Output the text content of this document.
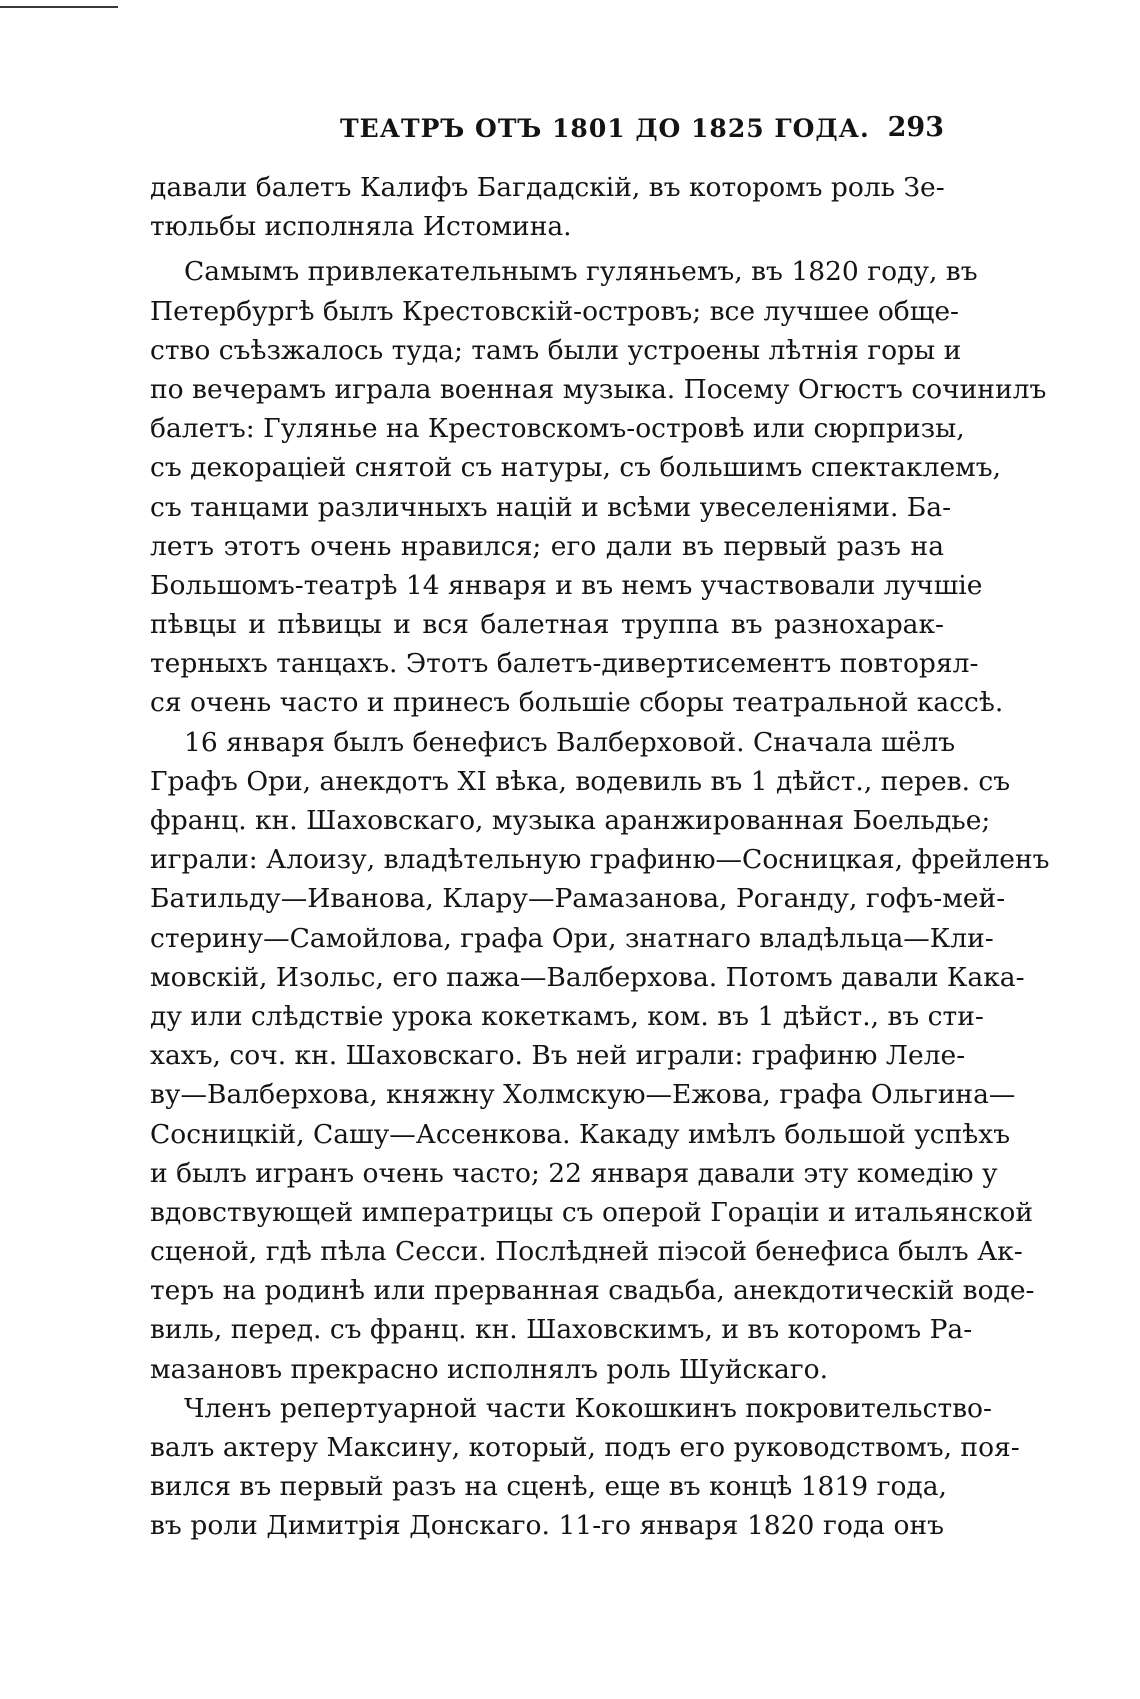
ТЕАТРЪ ОТЪ 1801 ДО 1825 ГОДА. 293
давали балетъ Калифъ Багдадскій, въ которомъ роль Зе-
тюльбы исполняла Истомина.
Самымъ привлекательнымъ гуляньемъ, въ 1820 году, въ
Петербургѣ былъ Крестовскій-островъ; все лучшее обще-
ство съѣзжалось туда; тамъ были устроены лѣтнія горы и
по вечерамъ играла военная музыка. Посему Огюстъ сочинилъ
балетъ: Гулянье на Крестовскомъ-островѣ или сюрпризы,
съ декораціей снятой съ натуры, съ большимъ спектаклемъ,
съ танцами различныхъ націй и всѣми увеселеніями. Ба-
летъ этотъ очень нравился; его дали въ первый разъ на
Большомъ-театрѣ 14 января и въ немъ участвовали лучшіе
пѣвцы и пѣвицы и вся балетная труппа въ разнохарак-
терныхъ танцахъ. Этотъ балетъ-дивертисементъ повторял-
ся очень часто и принесъ большіе сборы театральной кассѣ.
16 января былъ бенефисъ Валберховой. Сначала шёлъ
Графъ Ори, анекдотъ XI вѣка, водевиль въ 1 дѣйст., перев. съ
франц. кн. Шаховскаго, музыка аранжированная Боельдье;
играли: Алоизу, владѣтельную графиню—Сосницкая, фрейленъ
Батильду—Иванова, Клару—Рамазанова, Роганду, гофъ-мей-
стерину—Самойлова, графа Ори, знатнаго владѣльца—Кли-
мовскій, Изольс, его пажа—Валберхова. Потомъ давали Кака-
ду или слѣдствіе урока кокеткамъ, ком. въ 1 дѣйст., въ сти-
хахъ, соч. кн. Шаховскаго. Въ ней играли: графиню Леле-
ву—Валберхова, княжну Холмскую—Ежова, графа Ольгина—
Сосницкій, Сашу—Ассенкова. Какаду имѣлъ большой успѣхъ
и былъ игранъ очень часто; 22 января давали эту комедію у
вдовствующей императрицы съ оперой Гораціи и итальянской
сценой, гдѣ пѣла Сесси. Послѣдней піэсой бенефиса былъ Ак-
теръ на родинѣ или прерванная свадьба, анекдотическій водe-
виль, перед. съ франц. кн. Шаховскимъ, и въ которомъ Ра-
мазановъ прекрасно исполнялъ роль Шуйскаго.
Членъ репертуарной части Кокошкинъ покровительство-
валъ актеру Максину, который, подъ его руководствомъ, поя-
вился въ первый разъ на сценѣ, еще въ концѣ 1819 года,
въ роли Димитрія Донскаго. 11-го января 1820 года онъ
